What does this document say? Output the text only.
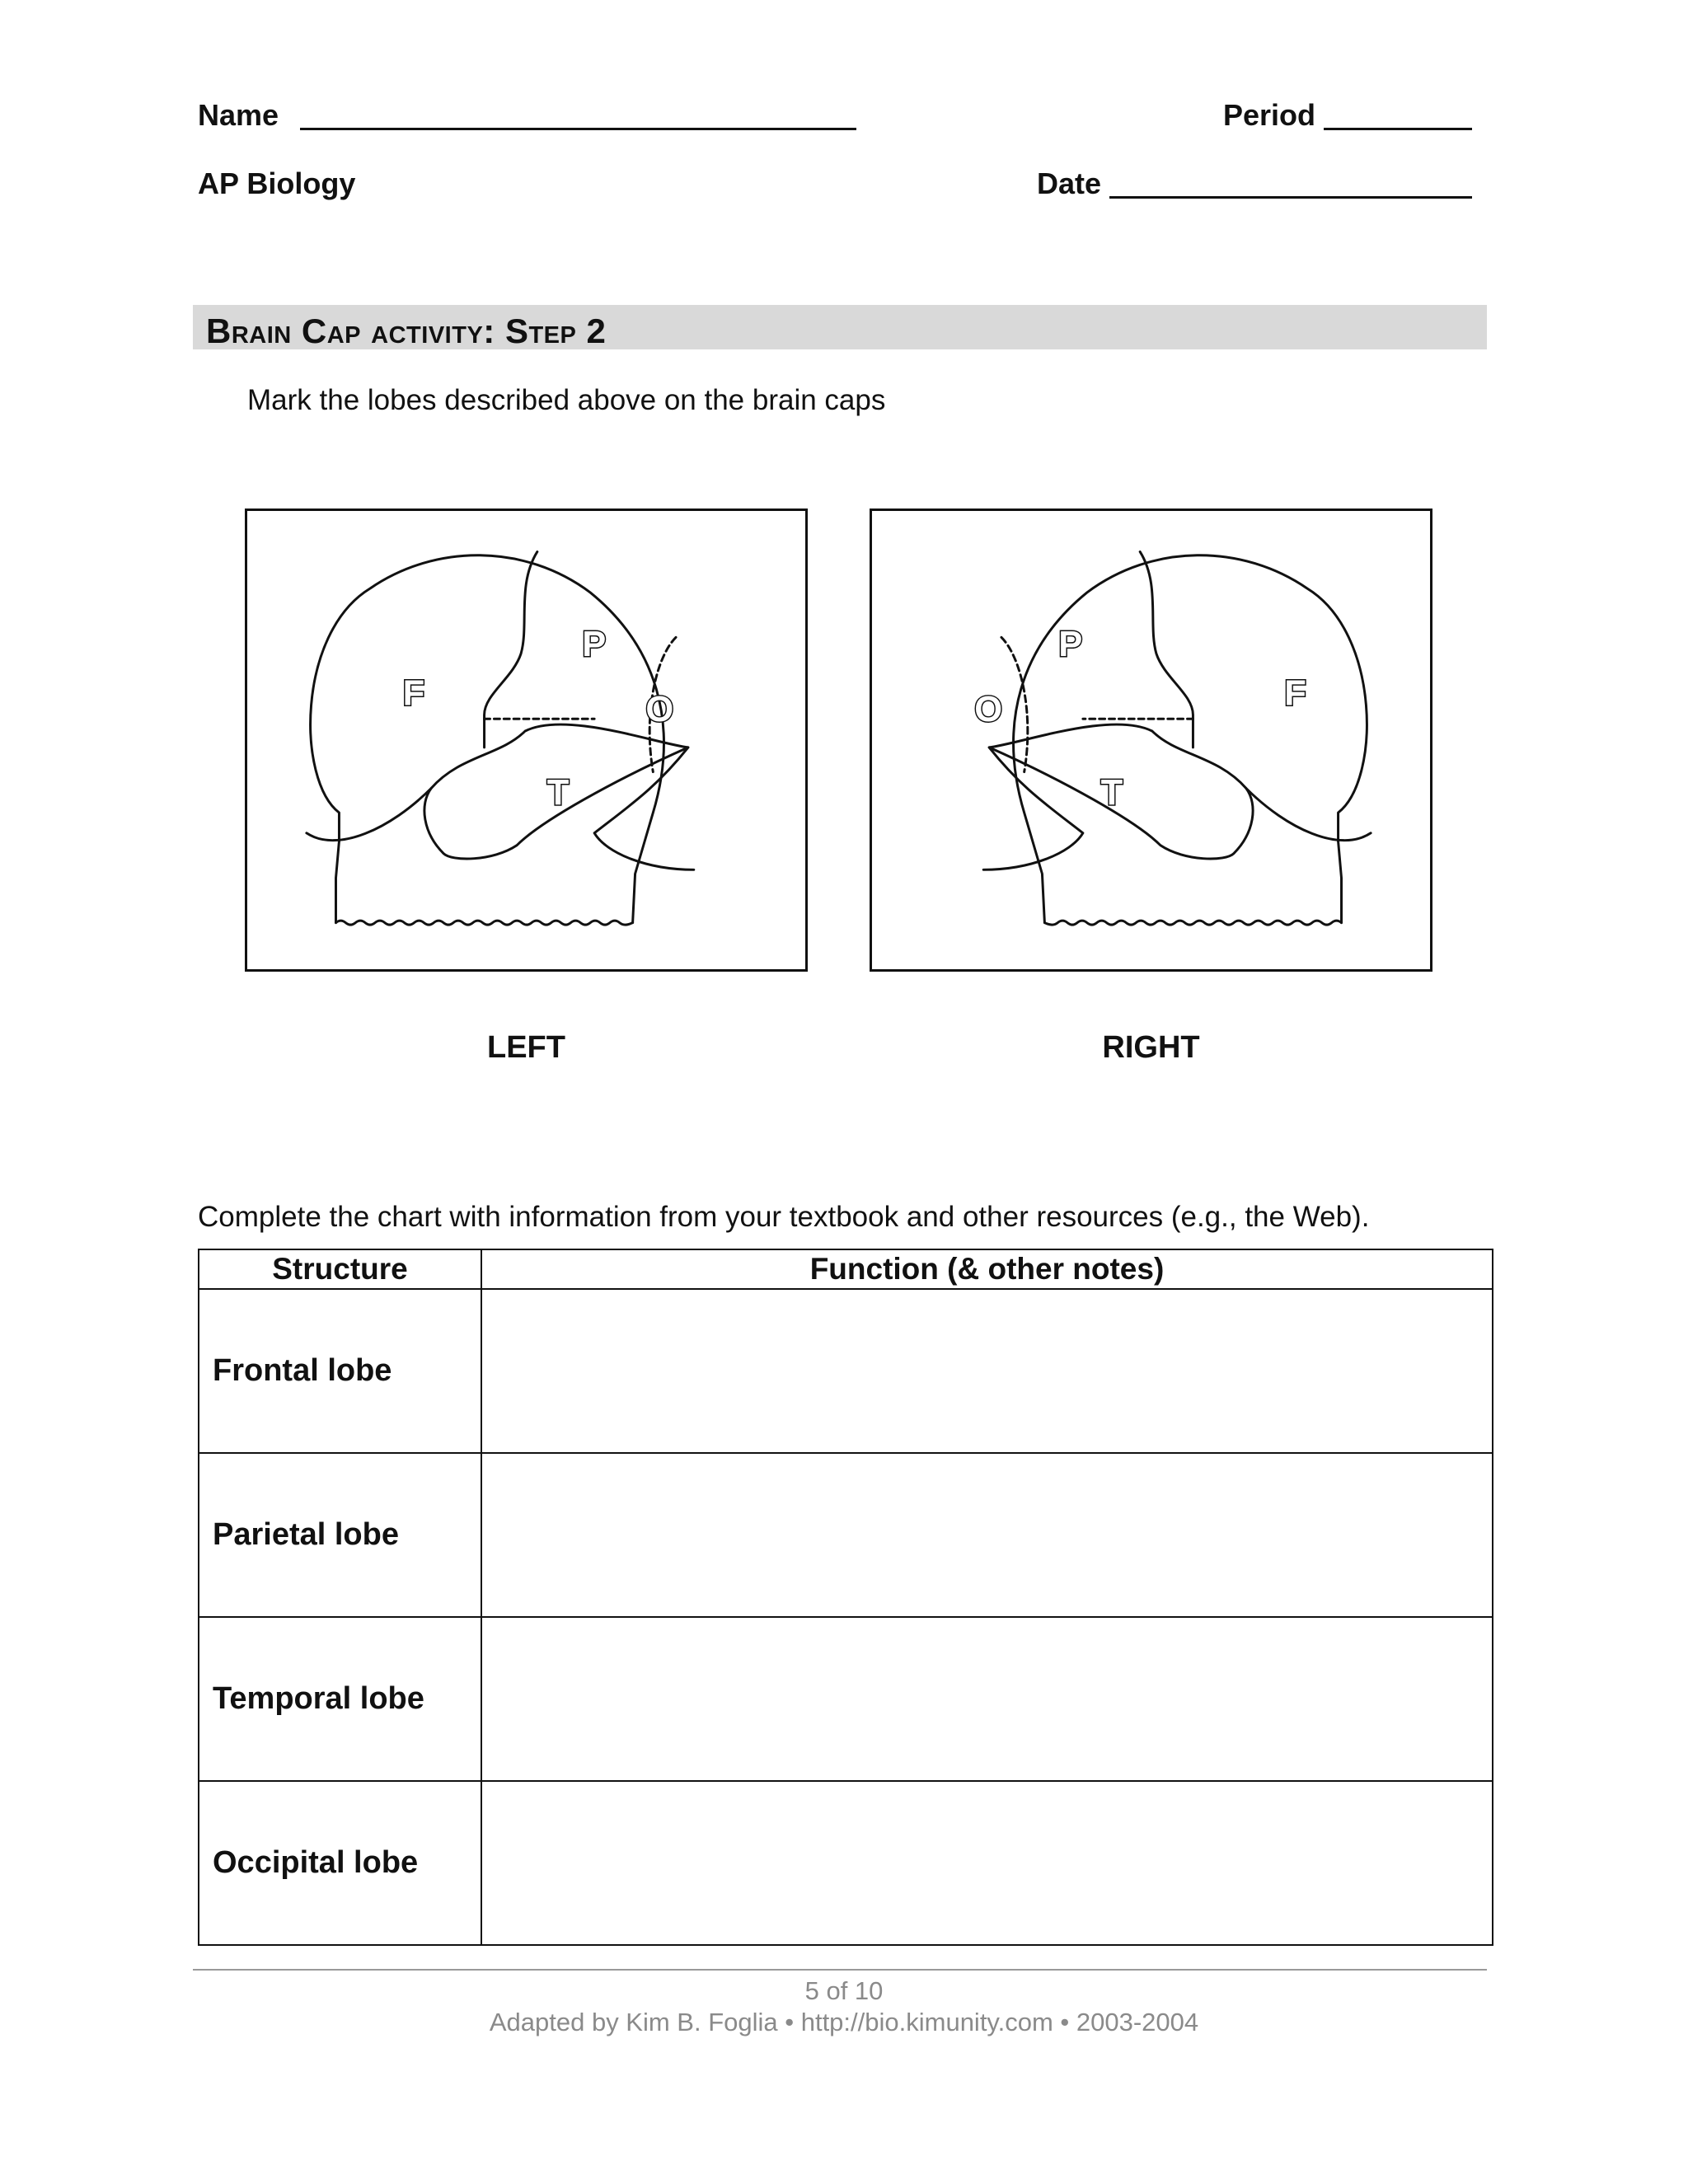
Name	Period
AP Biology	Date
Brain Cap activity: Step 2
Mark the lobes described above on the brain caps
F
P
O
T
F
P
O
T
LEFT	RIGHT
Complete the chart with information from your textbook and other resources (e.g., the Web).
Structure	Function (& other notes)
Frontal lobe	
Parietal lobe	
Temporal lobe	
Occipital lobe	
5 of 10
Adapted by Kim B. Foglia • http://bio.kimunity.com • 2003-2004
